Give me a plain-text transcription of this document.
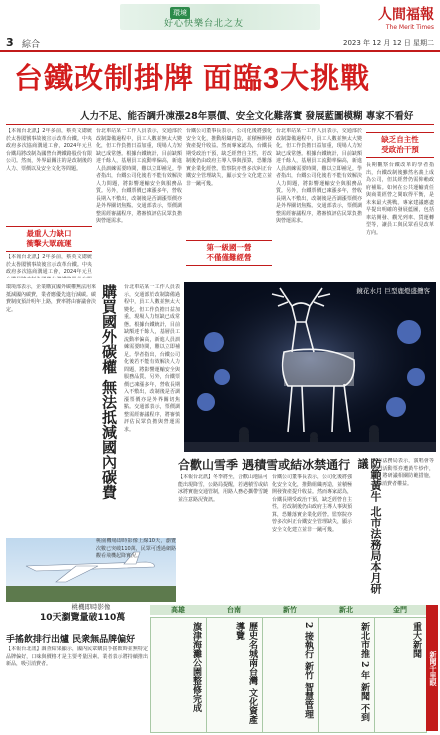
環境
好心快樂台北之友
人間福報
The Merit Times
3 綜合	2023 年 12 月 12 日 星期二
台鐵改制掛牌 面臨3大挑戰
人力不足、能否調升凍漲28年票價、安全文化難落實 發展藍圖模糊 專家不看好
【本報台北訊】2年多前，蔡英文總統於太魯閣號事故後宣示改革台鐵。中央政府多次協商溝通工會，2024年元旦台鐵局將改制為國營台灣鐵路股份有限公司。然而，外界最關注的是改制後的人力、票價以及安全文化等問題。
台北車站某一工作人員表示，交通部於改制籌備過程中，員工人數並無太大變化，但工作負擔日益加重，現場人力短缺已成常態。根據台鐵統計，目前缺額達千餘人，基層員工流動率偏高，新進人員訓練需要時間，難以立即補足。學者指出，台鐵公司化後若不能有效解決人力問題，將影響運輸安全與服務品質。另外，台鐵票價已凍漲多年，營收長期入不敷出，改制後是否調漲票價亦是外界關切焦點。交通部表示，票價調整需經審議程序，將審慎評估民眾負擔與營運需求。
台鐵公司董事長表示，公司化後將強化安全文化，推動組織再造，並積極開發資產提升收益。然而專家認為，台鐵長期受政治干預，缺乏經營自主性，若改制後仍由政府主導人事與預算，恐難落實企業化經營。監察院亦曾多次糾正台鐵安全管理缺失，顯示安全文化建立並非一蹴可幾。
台北車站某一工作人員表示，交通部於改制籌備過程中，員工人數並無太大變化，但工作負擔日益加重，現場人力短缺已成常態。根據台鐵統計，目前缺額達千餘人，基層員工流動率偏高，新進人員訓練需要時間，難以立即補足。學者指出，台鐵公司化後若不能有效解決人力問題，將影響運輸安全與服務品質。另外，台鐵票價已凍漲多年，營收長期入不敷出，改制後是否調漲票價亦是外界關切焦點。交通部表示，票價調整需經審議程序，將審慎評估民眾負擔與營運需求。
長期觀察台鐵改革的學者指出，台鐵改制後雖然名義上成為公司，但其經營仍需仰賴政府補貼。如何在公共運輸責任與商業經營之間取得平衡，是未來最大挑戰。專家建議應盡早提出明確的發展藍圖，包括車站開發、觀光列車、貨運轉型等，讓員工與民眾看見改革方向。
最重人力缺口
衝擊大眾疏運
【本報台北訊】2年多前，蔡英文總統於太魯閣號事故後宣示改革台鐵。中央政府多次協商溝通工會，2024年元旦
第一級國一營
不僅僅難經營
缺乏自主性
受政治干預
購買國外碳權 無法抵減國內碳費
環境部表示，企業購買國外碳權無法用來抵減國內碳費，業者應優先進行減碳。碳費制度預計明年上路，費率將由審議會決定。
台北車站某一工作人員表示，交通部於改制籌備過程中，員工人數並無太大變化，但工作負擔日益加重，現場人力短缺已成常態。根據台鐵統計，目前缺額達千餘人，基層員工流動率偏高，新進人員訓練需要時間，難以立即補足。學者指出，台鐵公司化後若不能有效解決人力問題，將影響運輸安全與服務品質。另外，台鐵票價已凍漲多年，營收長期入不敷出，改制後是否調漲票價亦是外界關切焦點。交通部表示，票價調整需經審議程序，將審慎評估民眾負擔與營運需求。
鏡花水月 巨型鹿燈盛攬客
合歡山雪季 遇積雪或結冰禁通行
【本報台北訊】冬季將至，合歡山地區可能出現降雪，公路局提醒，若遇積雪或結冰將實施交通管制，用路人務必攜帶雪鏈並注意路況資訊。
台鐵公司董事長表示，公司化後將強化安全文化，推動組織再造，並積極開發資產提升收益。然而專家認為，台鐵長期受政治干預，缺乏經營自主性，若改制後仍由政府主導人事與預算，恐難落實企業化經營。監察院亦曾多次糾正台鐵安全管理缺失，顯示安全文化建立並非一蹴可幾。	防範黃牛 北市法務局本月研議 北市法務局表示，演唱會等熱門活動票券遭黃牛炒作，本月將研議相關防範措施，保障消費者權益。
桃機即時影像
10天瀏覽量破110萬
桃園機場即時影像上線10天，瀏覽次數已突破110萬，民眾可透過網路觀看飛機起降實況。
手搖飲排行出爐 民衆無品牌偏好
【本報台北訊】調查結果顯示，國內民眾購買手搖飲時並無特定品牌偏好，口味與價格才是主要考量因素。業者表示將持續推出新品，吸引消費者。
高雄	台南	新竹	新北	金門
旗津海灘公園整修完成	歷史名城南台灣 文化資產導覽	2 接執行 新竹 智慧管理	新北市推 2 年 新聞 不到	重大新聞
新聞千里眼
